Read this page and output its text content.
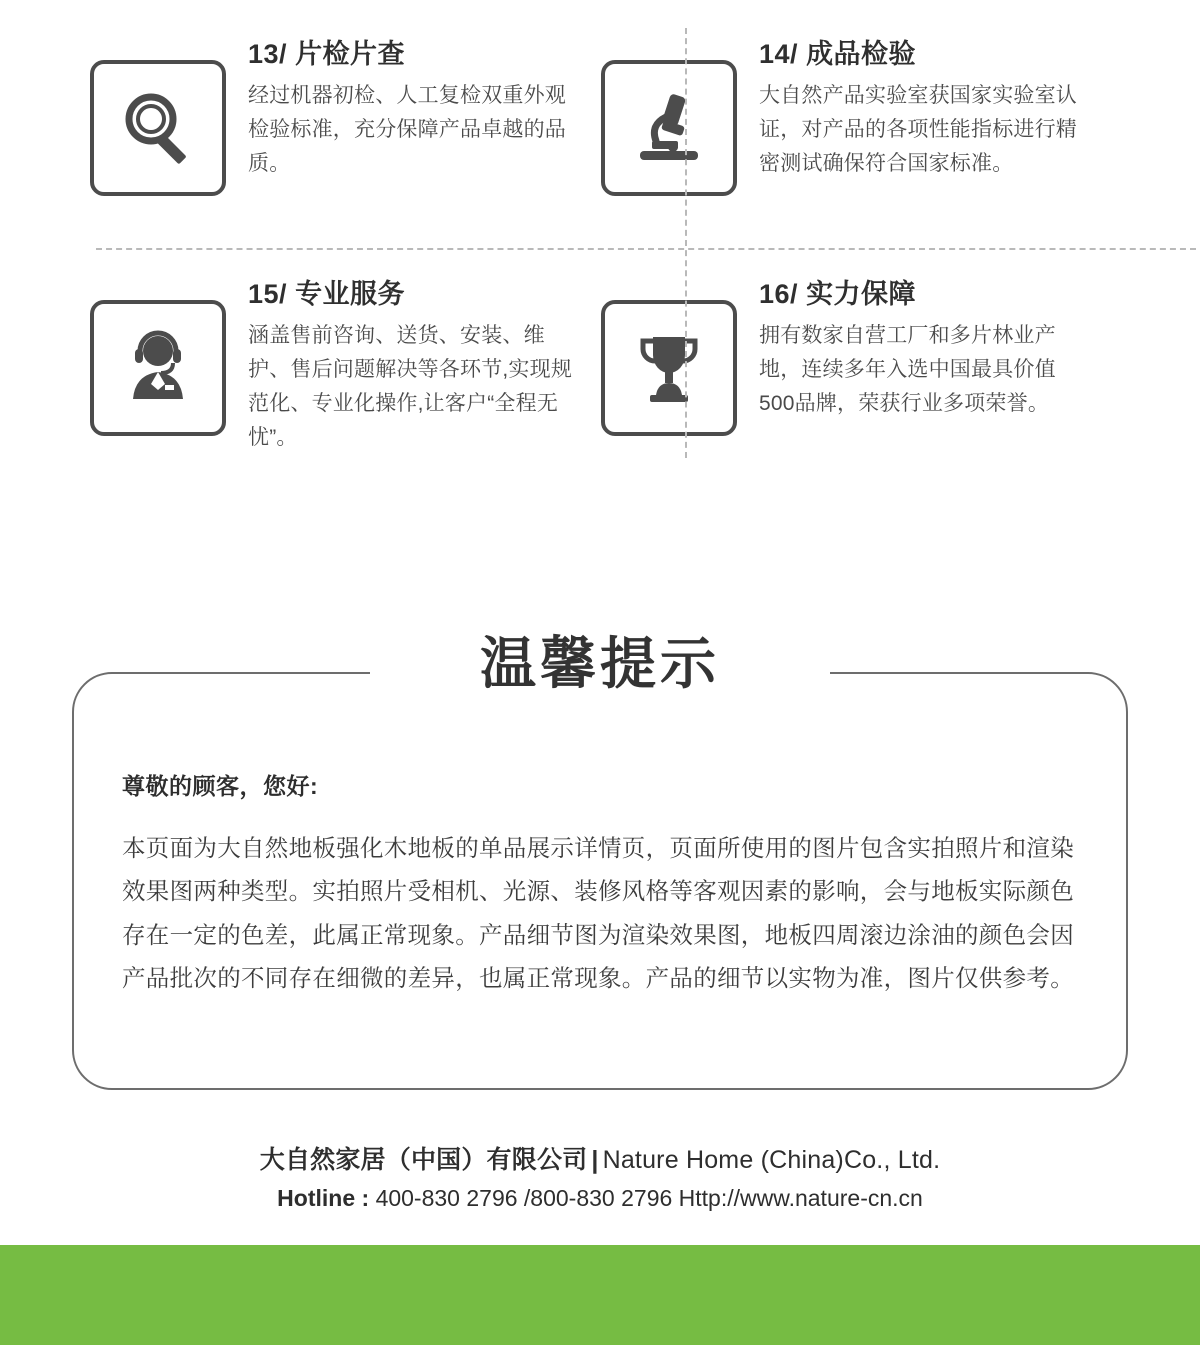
13/ 片检片查
经过机器初检、人工复检双重外观检验标准，充分保障产品卓越的品质。
14/ 成品检验
大自然产品实验室获国家实验室认证，对产品的各项性能指标进行精密测试确保符合国家标准。
15/ 专业服务
涵盖售前咨询、送货、安装、维护、售后问题解决等各环节,实现规范化、专业化操作,让客户“全程无忧”。
16/ 实力保障
拥有数家自营工厂和多片林业产地，连续多年入选中国最具价值500品牌，荣获行业多项荣誉。
温馨提示
尊敬的顾客，您好:
本页面为大自然地板强化木地板的单品展示详情页，页面所使用的图片包含实拍照片和渲染效果图两种类型。实拍照片受相机、光源、装修风格等客观因素的影响，会与地板实际颜色存在一定的色差，此属正常现象。产品细节图为渲染效果图，地板四周滚边涂油的颜色会因产品批次的不同存在细微的差异，也属正常现象。产品的细节以实物为准，图片仅供参考。
大自然家居（中国）有限公司 | Nature Home (China)Co., Ltd.
Hotline : 400-830 2796 /800-830 2796 Http://www.nature-cn.cn
